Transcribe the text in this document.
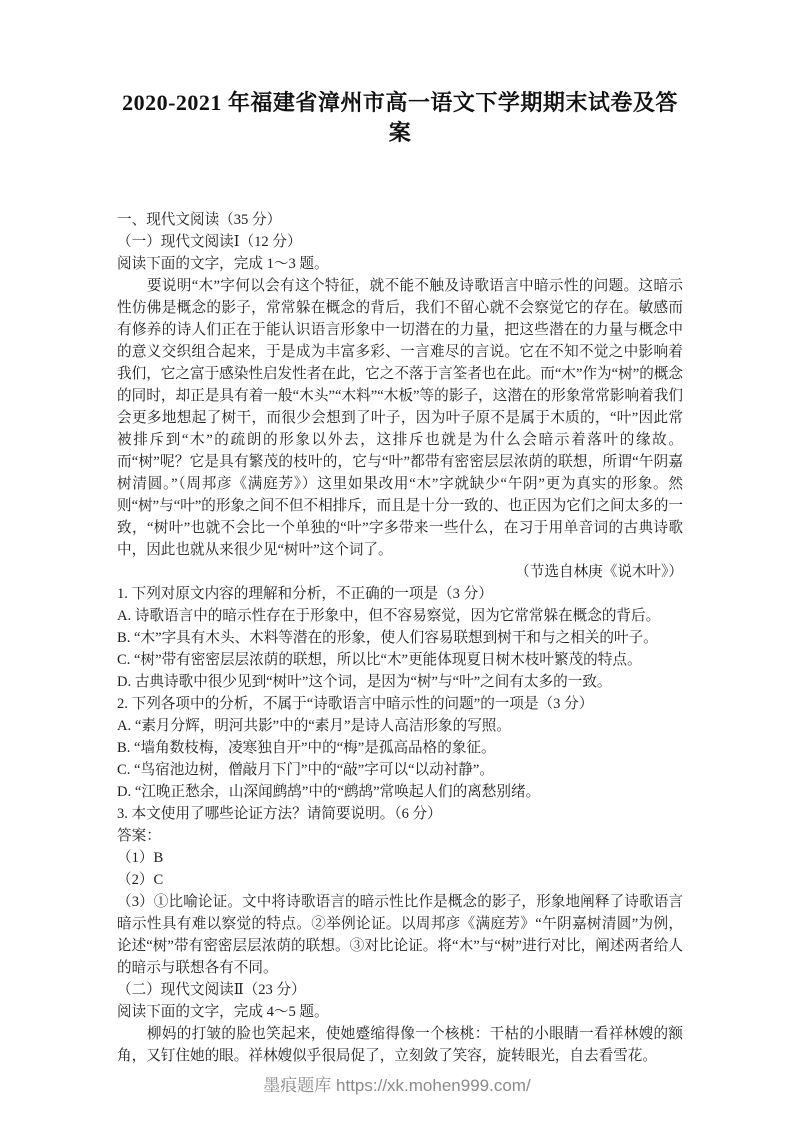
2020-2021 年福建省漳州市高一语文下学期期末试卷及答案

一、现代文阅读（35 分）

（一）现代文阅读Ⅰ（12 分）

阅读下面的文字，完成 1～3 题。

要说明“木”字何以会有这个特征，就不能不触及诗歌语言中暗示性的问题。这暗示性仿佛是概念的影子，常常躲在概念的背后，我们不留心就不会察觉它的存在。敏感而有修养的诗人们正在于能认识语言形象中一切潜在的力量，把这些潜在的力量与概念中的意义交织组合起来，于是成为丰富多彩、一言难尽的言说。它在不知不觉之中影响着我们，它之富于感染性启发性者在此，它之不落于言筌者也在此。而“木”作为“树”的概念的同时，却正是具有着一般“木头”“木料”“木板”等的影子，这潜在的形象常常影响着我们会更多地想起了树干，而很少会想到了叶子，因为叶子原不是属于木质的，“叶”因此常被排斥到“木”的疏朗的形象以外去，这排斥也就是为什么会暗示着落叶的缘故。而“树”呢？它是具有繁茂的枝叶的，它与“叶”都带有密密层层浓荫的联想，所谓“午阴嘉树清圆。”（周邦彦《满庭芳》）这里如果改用“木”字就缺少“午阴”更为真实的形象。然则“树”与“叶”的形象之间不但不相排斥，而且是十分一致的、也正因为它们之间太多的一致，“树叶”也就不会比一个单独的“叶”字多带来一些什么，在习于用单音词的古典诗歌中，因此也就从来很少见“树叶”这个词了。

（节选自林庚《说木叶》）

1. 下列对原文内容的理解和分析，不正确的一项是（3 分）

A. 诗歌语言中的暗示性存在于形象中，但不容易察觉，因为它常常躲在概念的背后。

B. “木”字具有木头、木料等潜在的形象，使人们容易联想到树干和与之相关的叶子。

C. “树”带有密密层层浓荫的联想，所以比“木”更能体现夏日树木枝叶繁茂的特点。

D. 古典诗歌中很少见到“树叶”这个词，是因为“树”与“叶”之间有太多的一致。

2. 下列各项中的分析，不属于“诗歌语言中暗示性的问题”的一项是（3 分）

A. “素月分辉，明河共影”中的“素月”是诗人高洁形象的写照。

B. “墙角数枝梅，凌寒独自开”中的“梅”是孤高品格的象征。

C. “鸟宿池边树，僧敲月下门”中的“敲”字可以“以动衬静”。

D. “江晚正愁余，山深闻鹧鸪”中的“鹧鸪”常唤起人们的离愁别绪。

3. 本文使用了哪些论证方法？请简要说明。（6 分）

答案：

（1）B

（2）C

（3）①比喻论证。文中将诗歌语言的暗示性比作是概念的影子，形象地阐释了诗歌语言暗示性具有难以察觉的特点。②举例论证。以周邦彦《满庭芳》“午阴嘉树清圆”为例，论述“树”带有密密层层浓荫的联想。③对比论证。将“木”与“树”进行对比，阐述两者给人的暗示与联想各有不同。

（二）现代文阅读Ⅱ（23 分）

阅读下面的文字，完成 4～5 题。

柳妈的打皱的脸也笑起来，使她蹙缩得像一个核桃：干枯的小眼睛一看祥林嫂的额角，又钉住她的眼。祥林嫂似乎很局促了，立刻敛了笑容，旋转眼光，自去看雪花。

墨痕题库 https://xk.mohen999.com/
